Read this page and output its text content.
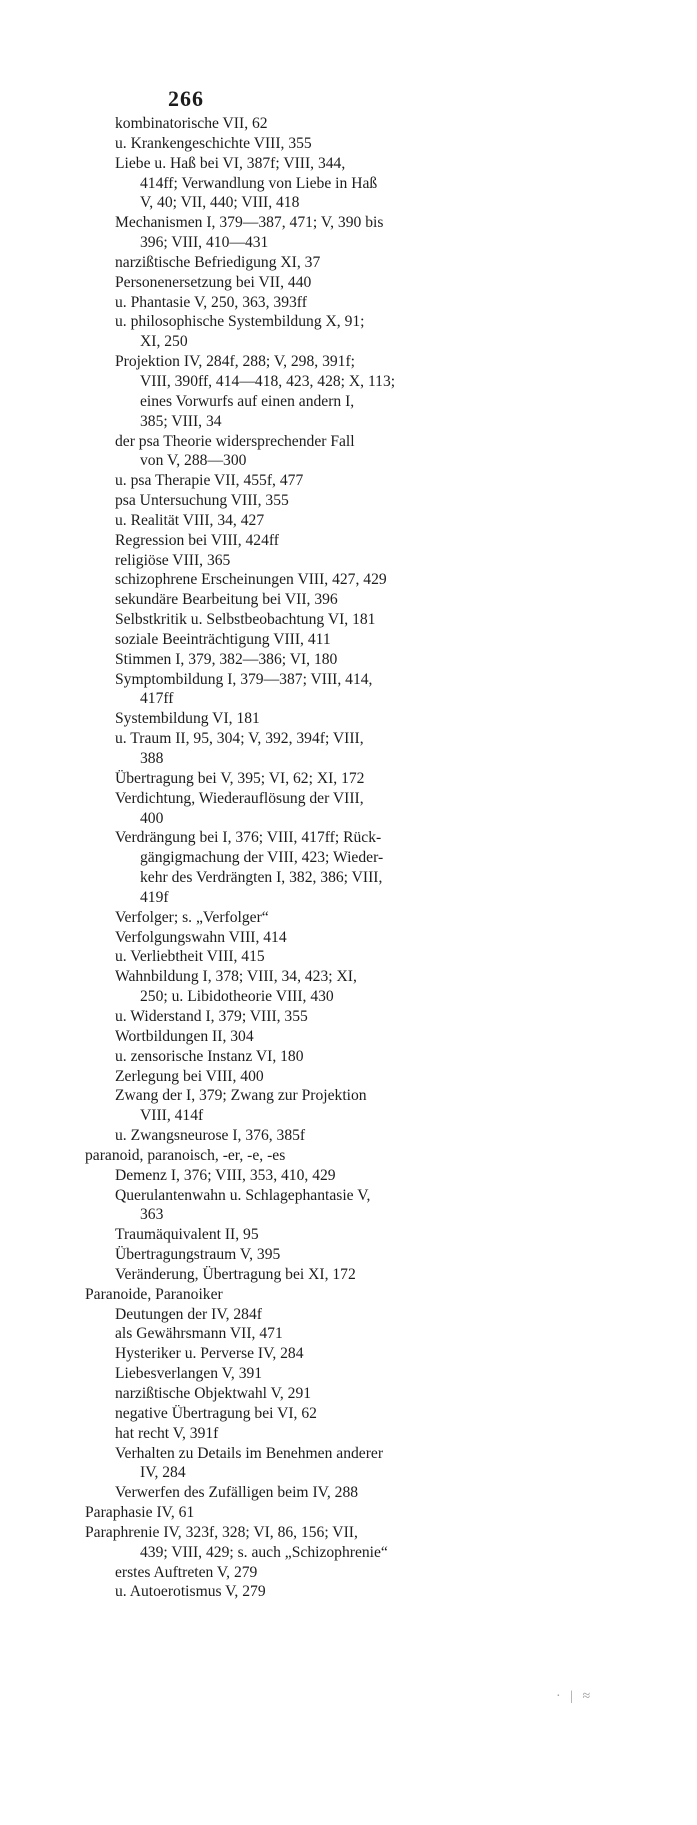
266
kombinatorische VII, 62
u. Krankengeschichte VIII, 355
Liebe u. Haß bei VI, 387f; VIII, 344,
414ff; Verwandlung von Liebe in Haß
V, 40; VII, 440; VIII, 418
Mechanismen I, 379—387, 471; V, 390 bis
396; VIII, 410—431
narzißtische Befriedigung XI, 37
Personenersetzung bei VII, 440
u. Phantasie V, 250, 363, 393ff
u. philosophische Systembildung X, 91;
XI, 250
Projektion IV, 284f, 288; V, 298, 391f;
VIII, 390ff, 414—418, 423, 428; X, 113;
eines Vorwurfs auf einen andern I,
385; VIII, 34
der psa Theorie widersprechender Fall
von V, 288—300
u. psa Therapie VII, 455f, 477
psa Untersuchung VIII, 355
u. Realität VIII, 34, 427
Regression bei VIII, 424ff
religiöse VIII, 365
schizophrene Erscheinungen VIII, 427, 429
sekundäre Bearbeitung bei VII, 396
Selbstkritik u. Selbstbeobachtung VI, 181
soziale Beeinträchtigung VIII, 411
Stimmen I, 379, 382—386; VI, 180
Symptombildung I, 379—387; VIII, 414,
417ff
Systembildung VI, 181
u. Traum II, 95, 304; V, 392, 394f; VIII,
388
Übertragung bei V, 395; VI, 62; XI, 172
Verdichtung, Wiederauflösung der VIII,
400
Verdrängung bei I, 376; VIII, 417ff; Rück-
gängigmachung der VIII, 423; Wieder-
kehr des Verdrängten I, 382, 386; VIII,
419f
Verfolger; s. „Verfolger“
Verfolgungswahn VIII, 414
u. Verliebtheit VIII, 415
Wahnbildung I, 378; VIII, 34, 423; XI,
250; u. Libidotheorie VIII, 430
u. Widerstand I, 379; VIII, 355
Wortbildungen II, 304
u. zensorische Instanz VI, 180
Zerlegung bei VIII, 400
Zwang der I, 379; Zwang zur Projektion
VIII, 414f
u. Zwangsneurose I, 376, 385f
paranoid, paranoisch, -er, -e, -es
Demenz I, 376; VIII, 353, 410, 429
Querulantenwahn u. Schlagephantasie V,
363
Traumäquivalent II, 95
Übertragungstraum V, 395
Veränderung, Übertragung bei XI, 172
Paranoide, Paranoiker
Deutungen der IV, 284f
als Gewährsmann VII, 471
Hysteriker u. Perverse IV, 284
Liebesverlangen V, 391
narzißtische Objektwahl V, 291
negative Übertragung bei VI, 62
hat recht V, 391f
Verhalten zu Details im Benehmen anderer
IV, 284
Verwerfen des Zufälligen beim IV, 288
Paraphasie IV, 61
Paraphrenie IV, 323f, 328; VI, 86, 156; VII,
439; VIII, 429; s. auch „Schizophrenie“
erstes Auftreten V, 279
u. Autoerotismus V, 279
· | ≈
